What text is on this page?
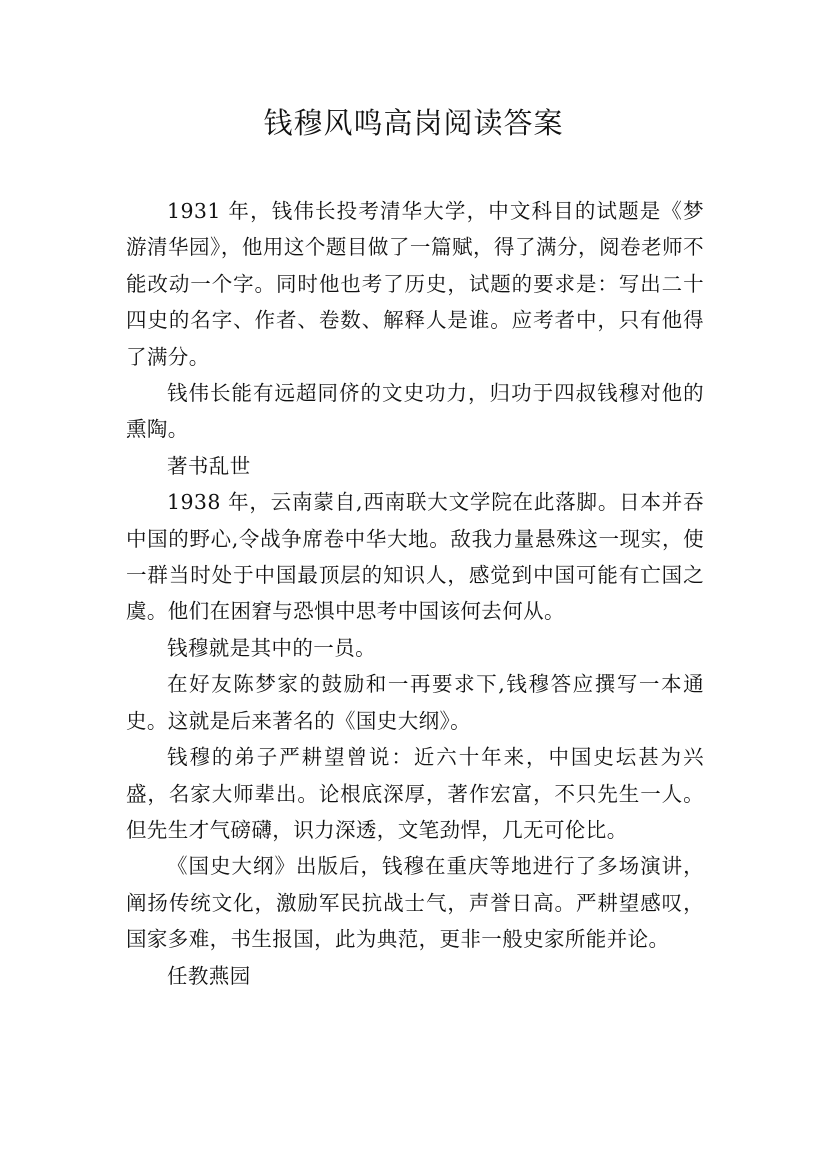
钱穆风鸣高岗阅读答案

1931 年，钱伟长投考清华大学，中文科目的试题是《梦游清华园》，他用这个题目做了一篇赋，得了满分，阅卷老师不能改动一个字。同时他也考了历史，试题的要求是：写出二十四史的名字、作者、卷数、解释人是谁。应考者中，只有他得了满分。

钱伟长能有远超同侪的文史功力，归功于四叔钱穆对他的熏陶。

著书乱世

1938 年，云南蒙自,西南联大文学院在此落脚。日本并吞中国的野心,令战争席卷中华大地。敌我力量悬殊这一现实，使一群当时处于中国最顶层的知识人，感觉到中国可能有亡国之虞。他们在困窘与恐惧中思考中国该何去何从。

钱穆就是其中的一员。

在好友陈梦家的鼓励和一再要求下,钱穆答应撰写一本通史。这就是后来著名的《国史大纲》。

钱穆的弟子严耕望曾说：近六十年来，中国史坛甚为兴盛，名家大师辈出。论根底深厚，著作宏富，不只先生一人。但先生才气磅礴，识力深透，文笔劲悍，几无可伦比。

《国史大纲》出版后，钱穆在重庆等地进行了多场演讲，阐扬传统文化，激励军民抗战士气，声誉日高。严耕望感叹，国家多难，书生报国，此为典范，更非一般史家所能并论。

任教燕园
